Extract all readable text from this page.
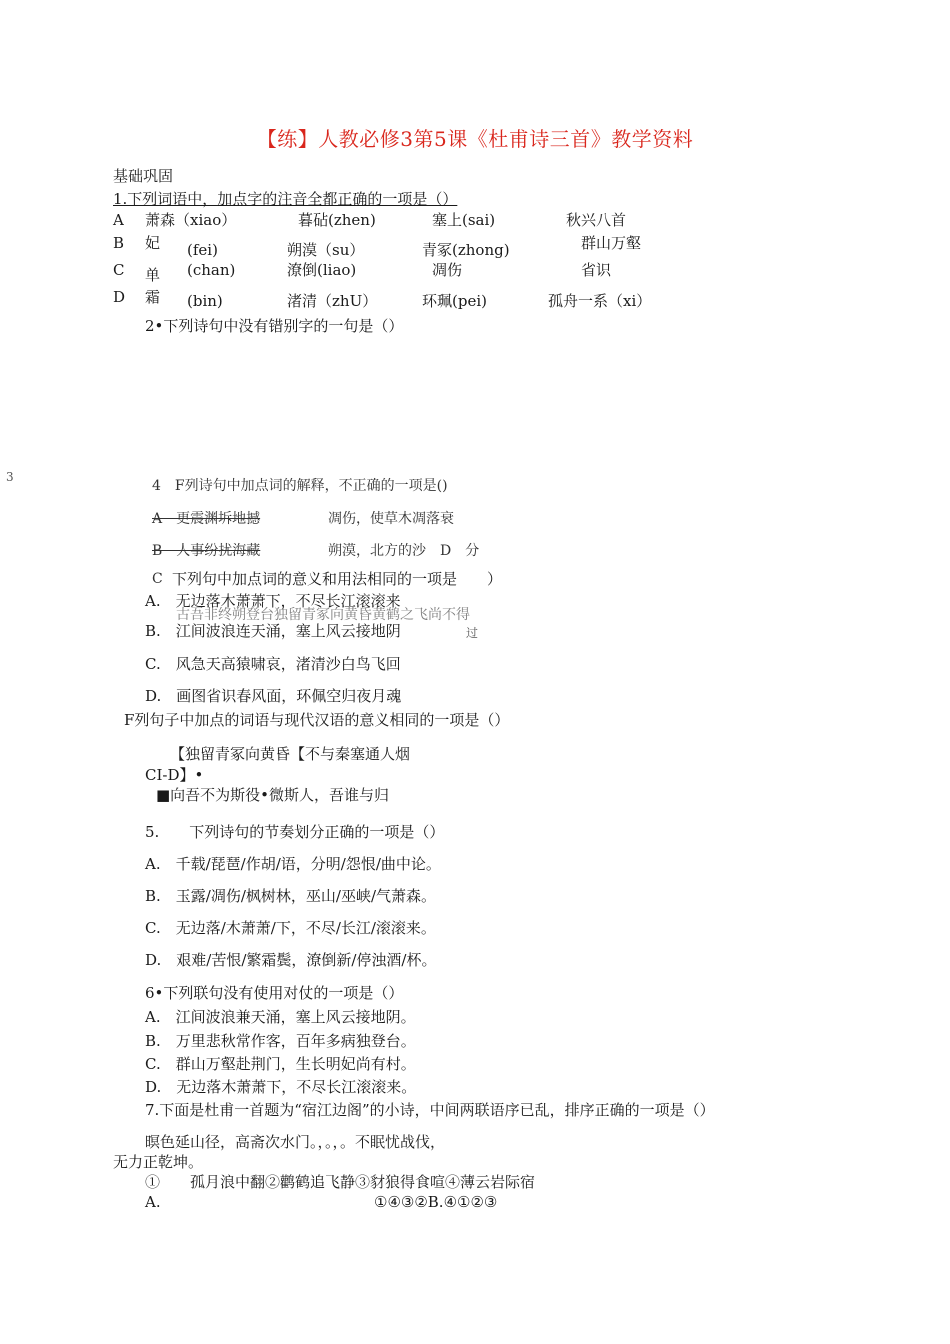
【练】人教必修3第5课《杜甫诗三首》教学资料
基础巩固
1.下列词语中，加点字的注音全都正确的一项是（）
A 萧森（xiao）	暮砧(zhen)	塞上(sai)	秋兴八首
B 妃 (fei)	朔漠（su）	青冢(zhong)	群山万壑
C 单 (chan)	潦倒(liao)	凋伤	省识
D 霜 (bin)	渚清（zhU）	环珮(pei)	孤舟一系（xi）
2•下列诗句中没有错别字的一句是（）
3
4　F列诗句中加点词的解释，不正确的一项是()
A　更震渊坼地撼	凋伤，使草木凋落衰
B　人事纷扰海藏	朔漠，北方的沙　D　分
C 下列句中加点词的意义和用法相同的一项是　　）
古吾非终朔登台独留青冢向黄昏黄鹤之飞尚不得
过
A.　无边落木萧萧下，不尽长江滚滚来
B.　江间波浪连天涌，塞上风云接地阴
C.　风急天高猿啸哀，渚清沙白鸟飞回
D.　画图省识春风面，环佩空归夜月魂
F列句子中加点的词语与现代汉语的意义相同的一项是（）
【独留青冢向黄昏【不与秦塞通人烟
CI-D】•
■向吾不为斯役•微斯人，吾谁与归
5.　　下列诗句的节奏划分正确的一项是（）
A.　千载/琵琶/作胡/语，分明/怨恨/曲中论。
B.　玉露/凋伤/枫树林，巫山/巫峡/气萧森。
C.　无边落/木萧萧/下，不尽/长江/滚滚来。
D.　艰难/苦恨/繁霜鬓，潦倒新/停浊酒/杯。
6•下列联句没有使用对仗的一项是（）
A.　江间波浪兼天涌，塞上风云接地阴。
B.　万里悲秋常作客，百年多病独登台。
C.　群山万壑赴荆门，生长明妃尚有村。
D.　无边落木萧萧下，不尽长江滚滚来。
7.下面是杜甫一首题为“宿江边阁”的小诗，中间两联语序已乱，排序正确的一项是（）
暝色延山径，高斋次水门。，。，。不眠忧战伐，
无力正乾坤。
①　　孤月浪中翻②鹳鹤追飞静③豺狼得食喧④薄云岩际宿
A.	①④③②B.④①②③
